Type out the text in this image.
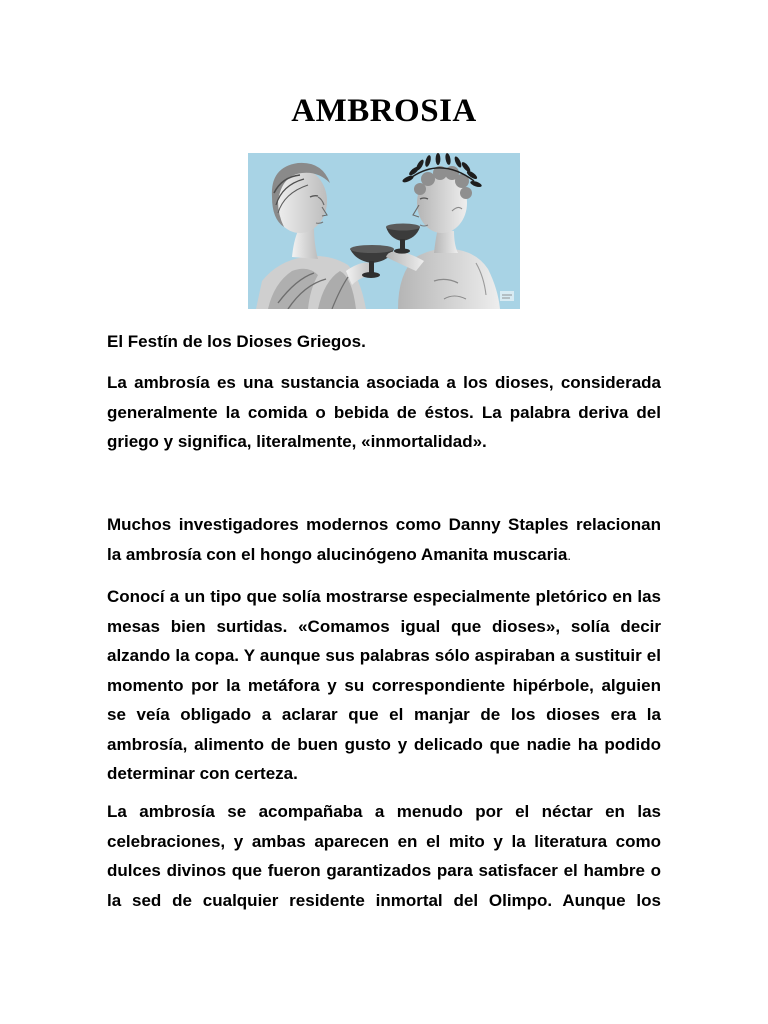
AMBROSIA

El Festín de los Dioses Griegos.

La ambrosía es una sustancia asociada a los dioses, considerada generalmente la comida o bebida de éstos. La palabra deriva del griego y significa, literalmente, «inmortalidad».

Muchos investigadores modernos como Danny Staples relacionan la ambrosía con el hongo alucinógeno Amanita muscaria.

Conocí a un tipo que solía mostrarse especialmente pletórico en las mesas bien surtidas. «Comamos igual que dioses», solía decir alzando la copa. Y aunque sus palabras sólo aspiraban a sustituir el momento por la metáfora y su correspondiente hipérbole, alguien se veía obligado a aclarar que el manjar de los dioses era la ambrosía, alimento de buen gusto y delicado que nadie ha podido determinar con certeza.

La ambrosía se acompañaba a menudo por el néctar en las celebraciones, y ambas aparecen en el mito y la literatura como dulces divinos que fueron garantizados para satisfacer el hambre o la sed de cualquier residente inmortal del Olimpo. Aunque los
